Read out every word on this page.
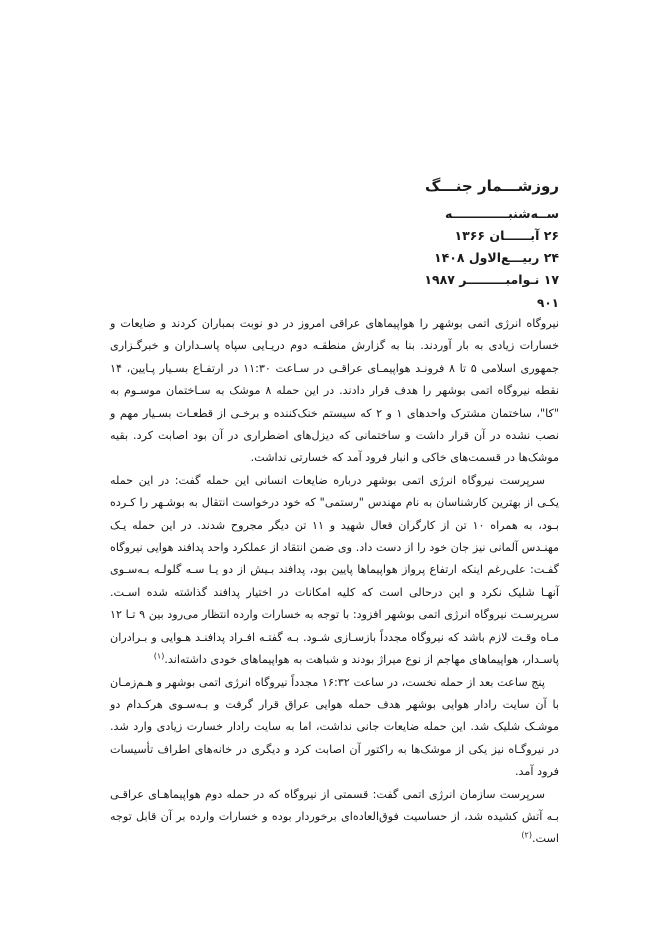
روزشـــمار جنـــگ

ســه‌شنبـــــــــــــه

۲۶ آبــــــان ۱۳۶۶

۲۴ ربیـــع‌الاول ۱۴۰۸

۱۷ نـوامبـــــــــر ۱۹۸۷

۹۰۱

نیروگاه انرژی اتمی بوشهر را هواپیماهای عراقی امروز در دو نوبت بمباران کردند و ضایعات و خسارات زیادی به بار آوردند. بنا به گزارش منطقـه دوم دریـایی سپاه پاسـداران و خبرگـزاری جمهوری اسلامی ۵ تا ۸ فرونـد هواپیمـای عراقـی در سـاعت ۱۱:۳۰ در ارتفـاع بسـیار پـایین، ۱۴ نقطه نیروگاه اتمی بوشهر را هدف قرار دادند. در این حمله ۸ موشک به سـاختمان موسـوم به "کا"، ساختمان مشترک واحدهای ۱ و ۲ که سیستم خنک‌کننده و برخـی از قطعـات بسـیار مهم و نصب نشده در آن قرار داشت و ساختمانی که دیزل‌های اضطراری در آن بود اصابت کرد. بقیه موشک‌ها در قسمت‌های خاکی و انبار فرود آمد که خسارتی نداشت.

سرپرست نیروگاه انرژی اتمی بوشهر درباره ضایعات انسانی این حمله گفت: در این حمله یکـی از بهترین کارشناسان به نام مهندس "رستمی" که خود درخواست انتقال به بوشـهر را کـرده بـود، به همراه ۱۰ تن از کارگران فعال شهید و ۱۱ تن دیگر مجروح شدند. در این حمله یـک مهنـدس آلمانی نیز جان خود را از دست داد. وی ضمن انتقاد از عملکرد واحد پدافند هوایی نیروگاه گفـت: علی‌رغم اینکه ارتفاع پرواز هواپیماها پایین بود، پدافند بـیش از دو یـا سـه گلولـه بـه‌سـوی آنهـا شلیک نکرد و این درحالی است که کلیه امکانات در اختیار پدافند گذاشته شده اسـت. سرپرسـت نیروگاه انرژی اتمی بوشهر افزود: با توجه به خسارات وارده انتظار می‌رود بین ۹ تـا ۱۲ مـاه وقـت لازم باشد که نیروگاه مجدداً بازسـازی شـود. بـه گفتـه افـراد پدافنـد هـوایی و بـرادران پاسـدار، هواپیماهای مهاجم از نوع میراژ بودند و شباهت به هواپیماهای خودی داشته‌اند.$^{(۱)}$

پنج ساعت بعد از حمله نخست، در ساعت ۱۶:۳۲ مجدداً نیروگاه انرژی اتمی بوشهر و هـم‌زمـان با آن سایت رادار هوایی بوشهر هدف حمله هوایی عراق قرار گرفت و بـه‌سـوی هرکـدام دو موشـک شلیک شد. این حمله ضایعات جانی نداشت، اما به سایت رادار خسارت زیادی وارد شد. در نیروگـاه نیز یکی از موشک‌ها به راکتور آن اصابت کرد و دیگری در خانه‌های اطراف تأسیسات فرود آمد.

سرپرست سازمان انرژی اتمی گفت: قسمتی از نیروگاه که در حمله دوم هواپیماهـای عراقـی بـه آتش کشیده شد، از حساسیت فوق‌العاده‌ای برخوردار بوده و خسارات وارده بر آن قابل توجه است.$^{(۲)}$
